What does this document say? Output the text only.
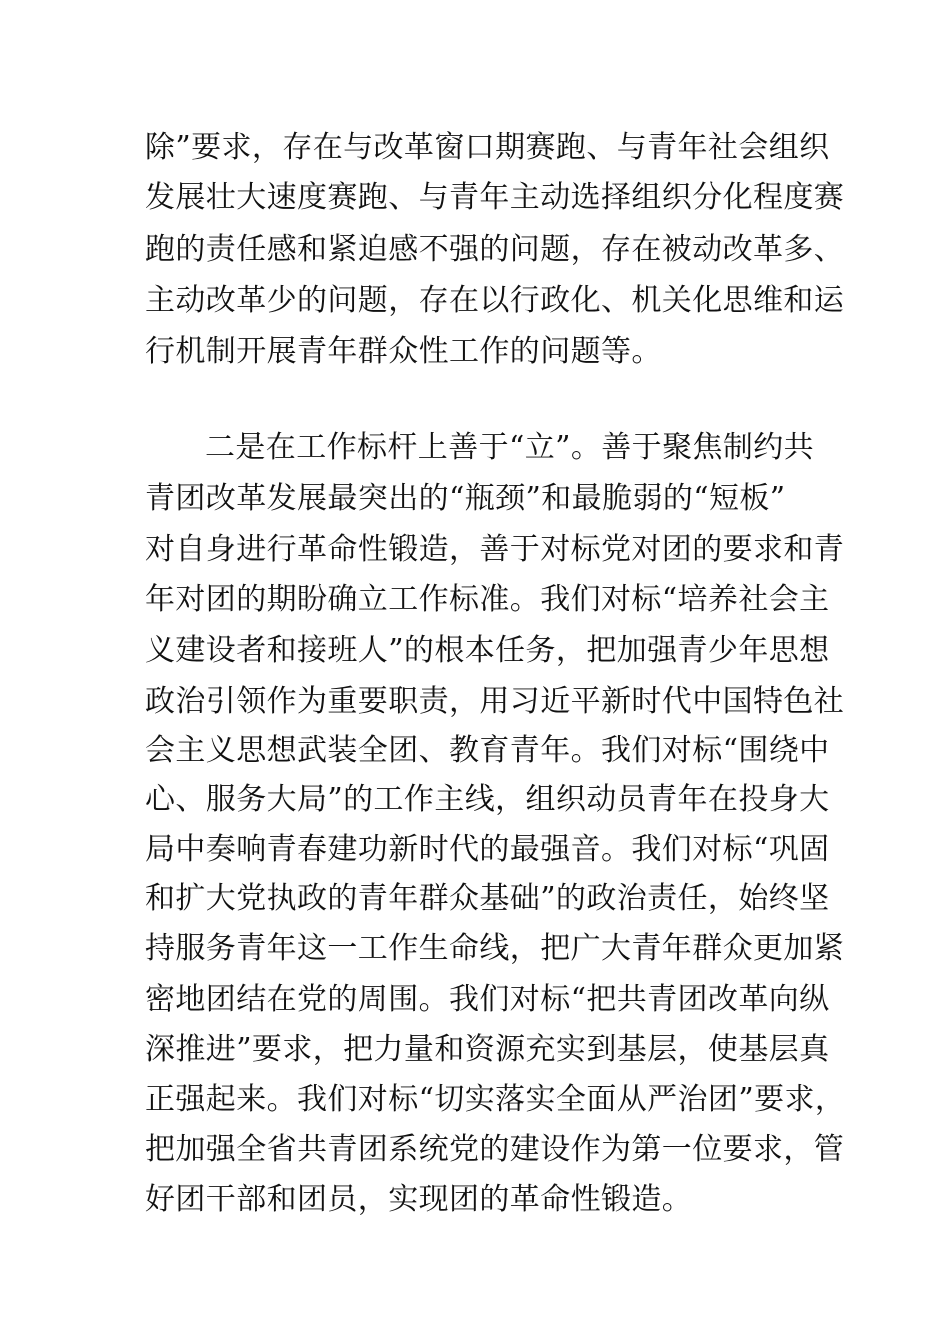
除”要求，存在与改革窗口期赛跑、与青年社会组织
发展壮大速度赛跑、与青年主动选择组织分化程度赛
跑的责任感和紧迫感不强的问题，存在被动改革多、
主动改革少的问题，存在以行政化、机关化思维和运
行机制开展青年群众性工作的问题等。
二是在工作标杆上善于“立”。善于聚焦制约共
青团改革发展最突出的“瓶颈”和最脆弱的“短板”
对自身进行革命性锻造，善于对标党对团的要求和青
年对团的期盼确立工作标准。我们对标“培养社会主
义建设者和接班人”的根本任务，把加强青少年思想
政治引领作为重要职责，用习近平新时代中国特色社
会主义思想武装全团、教育青年。我们对标“围绕中
心、服务大局”的工作主线，组织动员青年在投身大
局中奏响青春建功新时代的最强音。我们对标“巩固
和扩大党执政的青年群众基础”的政治责任，始终坚
持服务青年这一工作生命线，把广大青年群众更加紧
密地团结在党的周围。我们对标“把共青团改革向纵
深推进”要求，把力量和资源充实到基层，使基层真
正强起来。我们对标“切实落实全面从严治团”要求，
把加强全省共青团系统党的建设作为第一位要求，管
好团干部和团员，实现团的革命性锻造。
